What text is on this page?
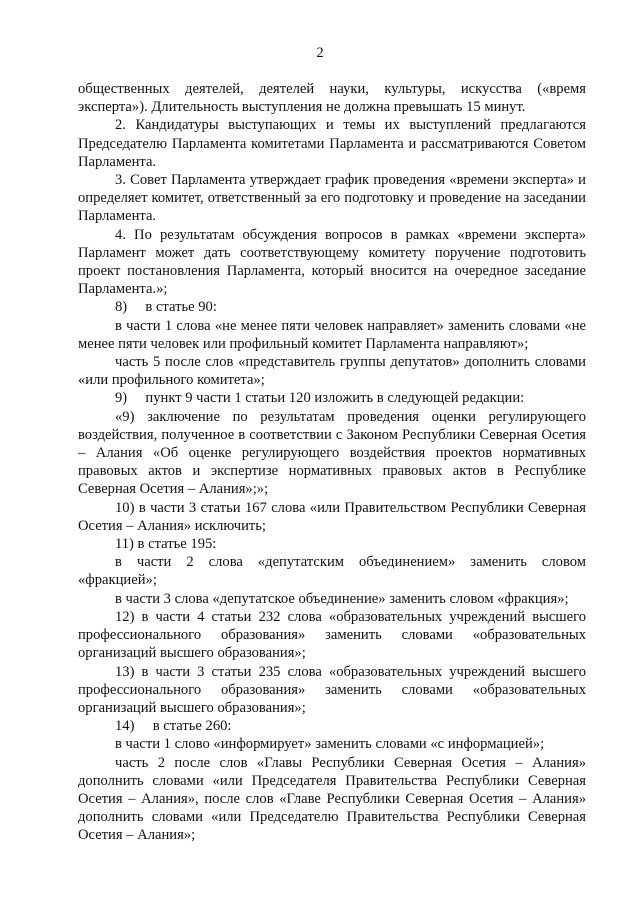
2

общественных деятелей, деятелей науки, культуры, искусства («время эксперта»). Длительность выступления не должна превышать 15 минут.

2. Кандидатуры выступающих и темы их выступлений предлагаются Председателю Парламента комитетами Парламента и рассматриваются Советом Парламента.

3. Совет Парламента утверждает график проведения «времени эксперта» и определяет комитет, ответственный за его подготовку и проведение на заседании Парламента.

4. По результатам обсуждения вопросов в рамках «времени эксперта» Парламент может дать соответствующему комитету поручение подготовить проект постановления Парламента, который вносится на очередное заседание Парламента.»;

8)     в статье 90:

в части 1 слова «не менее пяти человек направляет» заменить словами «не менее пяти человек или профильный комитет Парламента направляют»;

часть 5 после слов «представитель группы депутатов» дополнить словами «или профильного комитета»;

9)     пункт 9 части 1 статьи 120 изложить в следующей редакции:

«9) заключение по результатам проведения оценки регулирующего воздействия, полученное в соответствии с Законом Республики Северная Осетия – Алания «Об оценке регулирующего воздействия проектов нормативных правовых актов и экспертизе нормативных правовых актов в Республике Северная Осетия – Алания»;»;

10) в части 3 статьи 167 слова «или Правительством Республики Северная Осетия – Алания» исключить;

11) в статье 195:

в части 2 слова «депутатским объединением» заменить словом «фракцией»;

в части 3 слова «депутатское объединение» заменить словом «фракция»;

12) в части 4 статьи 232 слова «образовательных учреждений высшего профессионального образования» заменить словами «образовательных организаций высшего образования»;

13) в части 3 статьи 235 слова «образовательных учреждений высшего профессионального образования» заменить словами «образовательных организаций высшего образования»;

14)     в статье 260:

в части 1 слово «информирует» заменить словами «с информацией»;

часть 2 после слов «Главы Республики Северная Осетия – Алания» дополнить словами «или Председателя Правительства Республики Северная Осетия – Алания», после слов «Главе Республики Северная Осетия – Алания» дополнить словами «или Председателю Правительства Республики Северная Осетия – Алания»;
